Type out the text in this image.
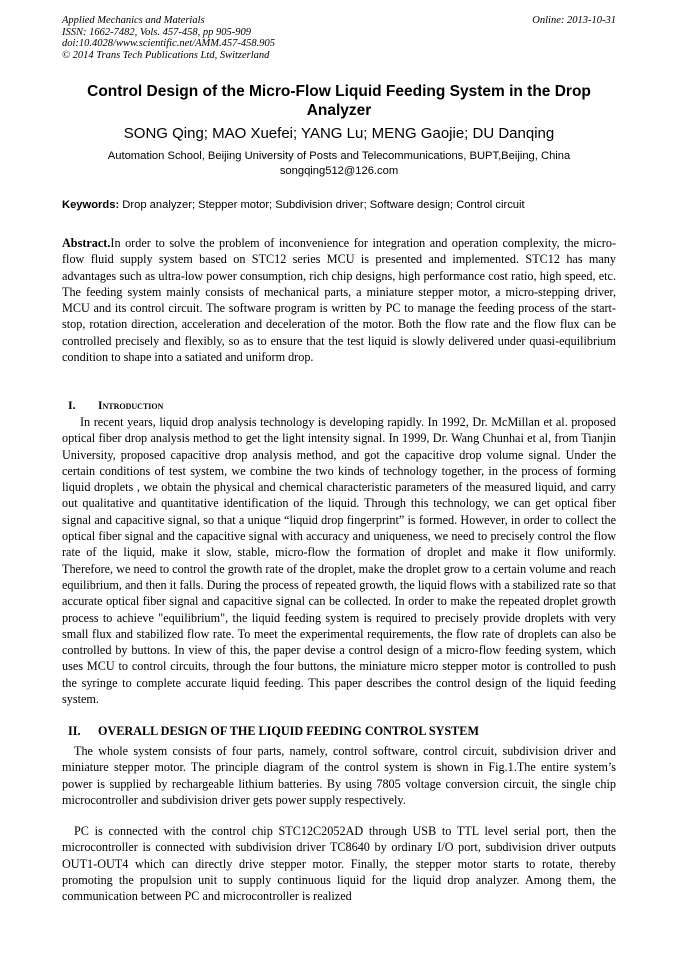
Applied Mechanics and Materials
ISSN: 1662-7482, Vols. 457-458, pp 905-909
doi:10.4028/www.scientific.net/AMM.457-458.905
© 2014 Trans Tech Publications Ltd, Switzerland
Online: 2013-10-31
Control Design of the Micro-Flow Liquid Feeding System in the Drop Analyzer
SONG Qing; MAO Xuefei; YANG Lu; MENG Gaojie; DU Danqing
Automation School, Beijing University of Posts and Telecommunications, BUPT,Beijing, China
songqing512@126.com
Keywords: Drop analyzer; Stepper motor; Subdivision driver; Software design; Control circuit
Abstract.In order to solve the problem of inconvenience for integration and operation complexity, the micro-flow fluid supply system based on STC12 series MCU is presented and implemented. STC12 has many advantages such as ultra-low power consumption, rich chip designs, high performance cost ratio, high speed, etc. The feeding system mainly consists of mechanical parts, a miniature stepper motor, a micro-stepping driver, MCU and its control circuit. The software program is written by PC to manage the feeding process of the start-stop, rotation direction, acceleration and deceleration of the motor. Both the flow rate and the flow flux can be controlled precisely and flexibly, so as to ensure that the test liquid is slowly delivered under quasi-equilibrium condition to shape into a satiated and uniform drop.
I. Introduction
In recent years, liquid drop analysis technology is developing rapidly. In 1992, Dr. McMillan et al. proposed optical fiber drop analysis method to get the light intensity signal. In 1999, Dr. Wang Chunhai et al, from Tianjin University, proposed capacitive drop analysis method, and got the capacitive drop volume signal. Under the certain conditions of test system, we combine the two kinds of technology together, in the process of forming liquid droplets , we obtain the physical and chemical characteristic parameters of the measured liquid, and carry out qualitative and quantitative identification of the liquid. Through this technology, we can get optical fiber signal and capacitive signal, so that a unique “liquid drop fingerprint” is formed. However, in order to collect the optical fiber signal and the capacitive signal with accuracy and uniqueness, we need to precisely control the flow rate of the liquid, make it slow, stable, micro-flow the formation of droplet and make it flow uniformly. Therefore, we need to control the growth rate of the droplet, make the droplet grow to a certain volume and reach equilibrium, and then it falls. During the process of repeated growth, the liquid flows with a stabilized rate so that accurate optical fiber signal and capacitive signal can be collected. In order to make the repeated droplet growth process to achieve "equilibrium", the liquid feeding system is required to precisely provide droplets with very small flux and stabilized flow rate. To meet the experimental requirements, the flow rate of droplets can also be controlled by buttons. In view of this, the paper devise a control design of a micro-flow feeding system, which uses MCU to control circuits, through the four buttons, the miniature micro stepper motor is controlled to push the syringe to complete accurate liquid feeding. This paper describes the control design of the liquid feeding system.
II. OVERALL DESIGN OF THE LIQUID FEEDING CONTROL SYSTEM
The whole system consists of four parts, namely, control software, control circuit, subdivision driver and miniature stepper motor. The principle diagram of the control system is shown in Fig.1.The entire system’s power is supplied by rechargeable lithium batteries. By using 7805 voltage conversion circuit, the single chip microcontroller and subdivision driver gets power supply respectively.
PC is connected with the control chip STC12C2052AD through USB to TTL level serial port, then the microcontroller is connected with subdivision driver TC8640 by ordinary I/O port, subdivision driver outputs OUT1-OUT4 which can directly drive stepper motor. Finally, the stepper motor starts to rotate, thereby promoting the propulsion unit to supply continuous liquid for the liquid drop analyzer. Among them, the communication between PC and microcontroller is realized
